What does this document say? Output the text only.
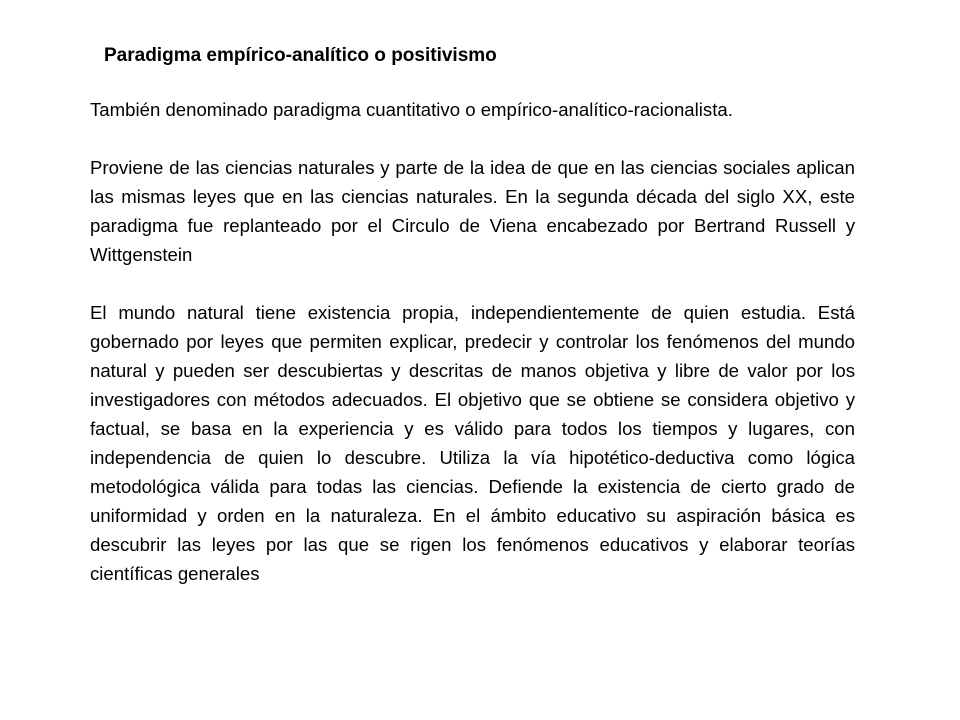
Paradigma empírico-analítico o positivismo

También denominado paradigma cuantitativo o empírico-analítico-racionalista.

Proviene de las ciencias naturales y parte de la idea de que en las ciencias sociales aplican las mismas leyes que en las ciencias naturales. En la segunda década del siglo XX, este paradigma fue replanteado por el Circulo de Viena encabezado por Bertrand Russell y Wittgenstein

El mundo natural tiene existencia propia, independientemente de quien estudia. Está gobernado por leyes que permiten explicar, predecir y controlar los fenómenos del mundo natural y pueden ser descubiertas y descritas de manos objetiva y libre de valor por los investigadores con métodos adecuados. El objetivo que se obtiene se considera objetivo y factual, se basa en la experiencia y es válido para todos los tiempos y lugares, con independencia de quien lo descubre. Utiliza la vía hipotético-deductiva como lógica metodológica válida para todas las ciencias. Defiende la existencia de cierto grado de uniformidad y orden en la naturaleza. En el ámbito educativo su aspiración básica es descubrir las leyes por las que se rigen los fenómenos educativos y elaborar teorías científicas generales
